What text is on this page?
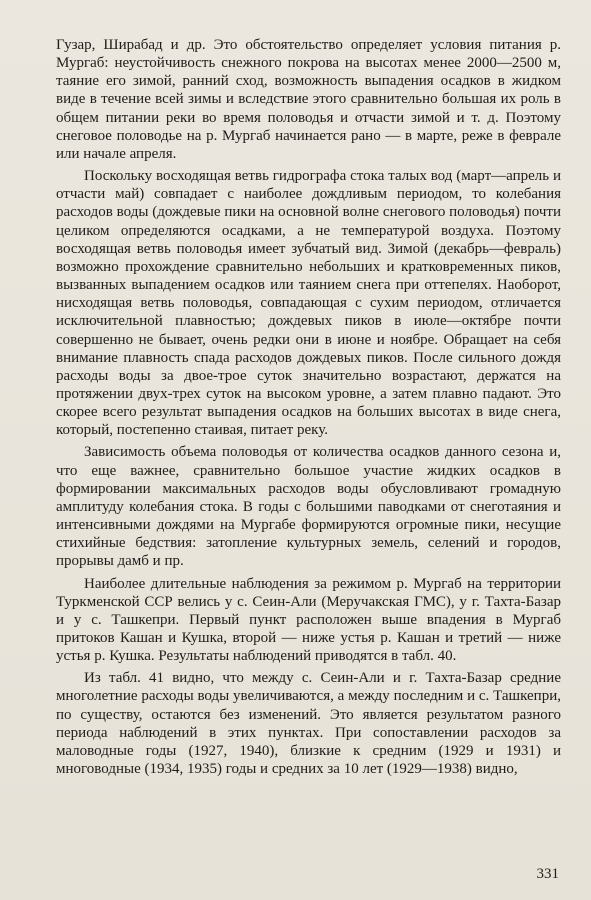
Гузар, Ширабад и др. Это обстоятельство определяет условия питания р. Мургаб: неустойчивость снежного покрова на высотах менее 2000—2500 м, таяние его зимой, ранний сход, возможность выпадения осадков в жидком виде в течение всей зимы и вследствие этого сравнительно большая их роль в общем питании реки во время половодья и отчасти зимой и т. д. Поэтому снеговое половодье на р. Мургаб начинается рано — в марте, реже в феврале или начале апреля.

Поскольку восходящая ветвь гидрографа стока талых вод (март—апрель и отчасти май) совпадает с наиболее дождливым периодом, то колебания расходов воды (дождевые пики на основной волне снегового половодья) почти целиком определяются осадками, а не температурой воздуха. Поэтому восходящая ветвь половодья имеет зубчатый вид. Зимой (декабрь—февраль) возможно прохождение сравнительно небольших и кратковременных пиков, вызванных выпадением осадков или таянием снега при оттепелях. Наоборот, нисходящая ветвь половодья, совпадающая с сухим периодом, отличается исключительной плавностью; дождевых пиков в июле—октябре почти совершенно не бывает, очень редки они в июне и ноябре. Обращает на себя внимание плавность спада расходов дождевых пиков. После сильного дождя расходы воды за двое-трое суток значительно возрастают, держатся на протяжении двух-трех суток на высоком уровне, а затем плавно падают. Это скорее всего результат выпадения осадков на больших высотах в виде снега, который, постепенно стаивая, питает реку.

Зависимость объема половодья от количества осадков данного сезона и, что еще важнее, сравнительно большое участие жидких осадков в формировании максимальных расходов воды обусловливают громадную амплитуду колебания стока. В годы с большими паводками от снеготаяния и интенсивными дождями на Мургабе формируются огромные пики, несущие стихийные бедствия: затопление культурных земель, селений и городов, прорывы дамб и пр.

Наиболее длительные наблюдения за режимом р. Мургаб на территории Туркменской ССР велись у с. Сеин-Али (Меручакская ГМС), у г. Тахта-Базар и у с. Ташкепри. Первый пункт расположен выше впадения в Мургаб притоков Кашан и Кушка, второй — ниже устья р. Кашан и третий — ниже устья р. Кушка. Результаты наблюдений приводятся в табл. 40.

Из табл. 41 видно, что между с. Сеин-Али и г. Тахта-Базар средние многолетние расходы воды увеличиваются, а между последним и с. Ташкепри, по существу, остаются без изменений. Это является результатом разного периода наблюдений в этих пунктах. При сопоставлении расходов за маловодные годы (1927, 1940), близкие к средним (1929 и 1931) и многоводные (1934, 1935) годы и средних за 10 лет (1929—1938) видно,

331
